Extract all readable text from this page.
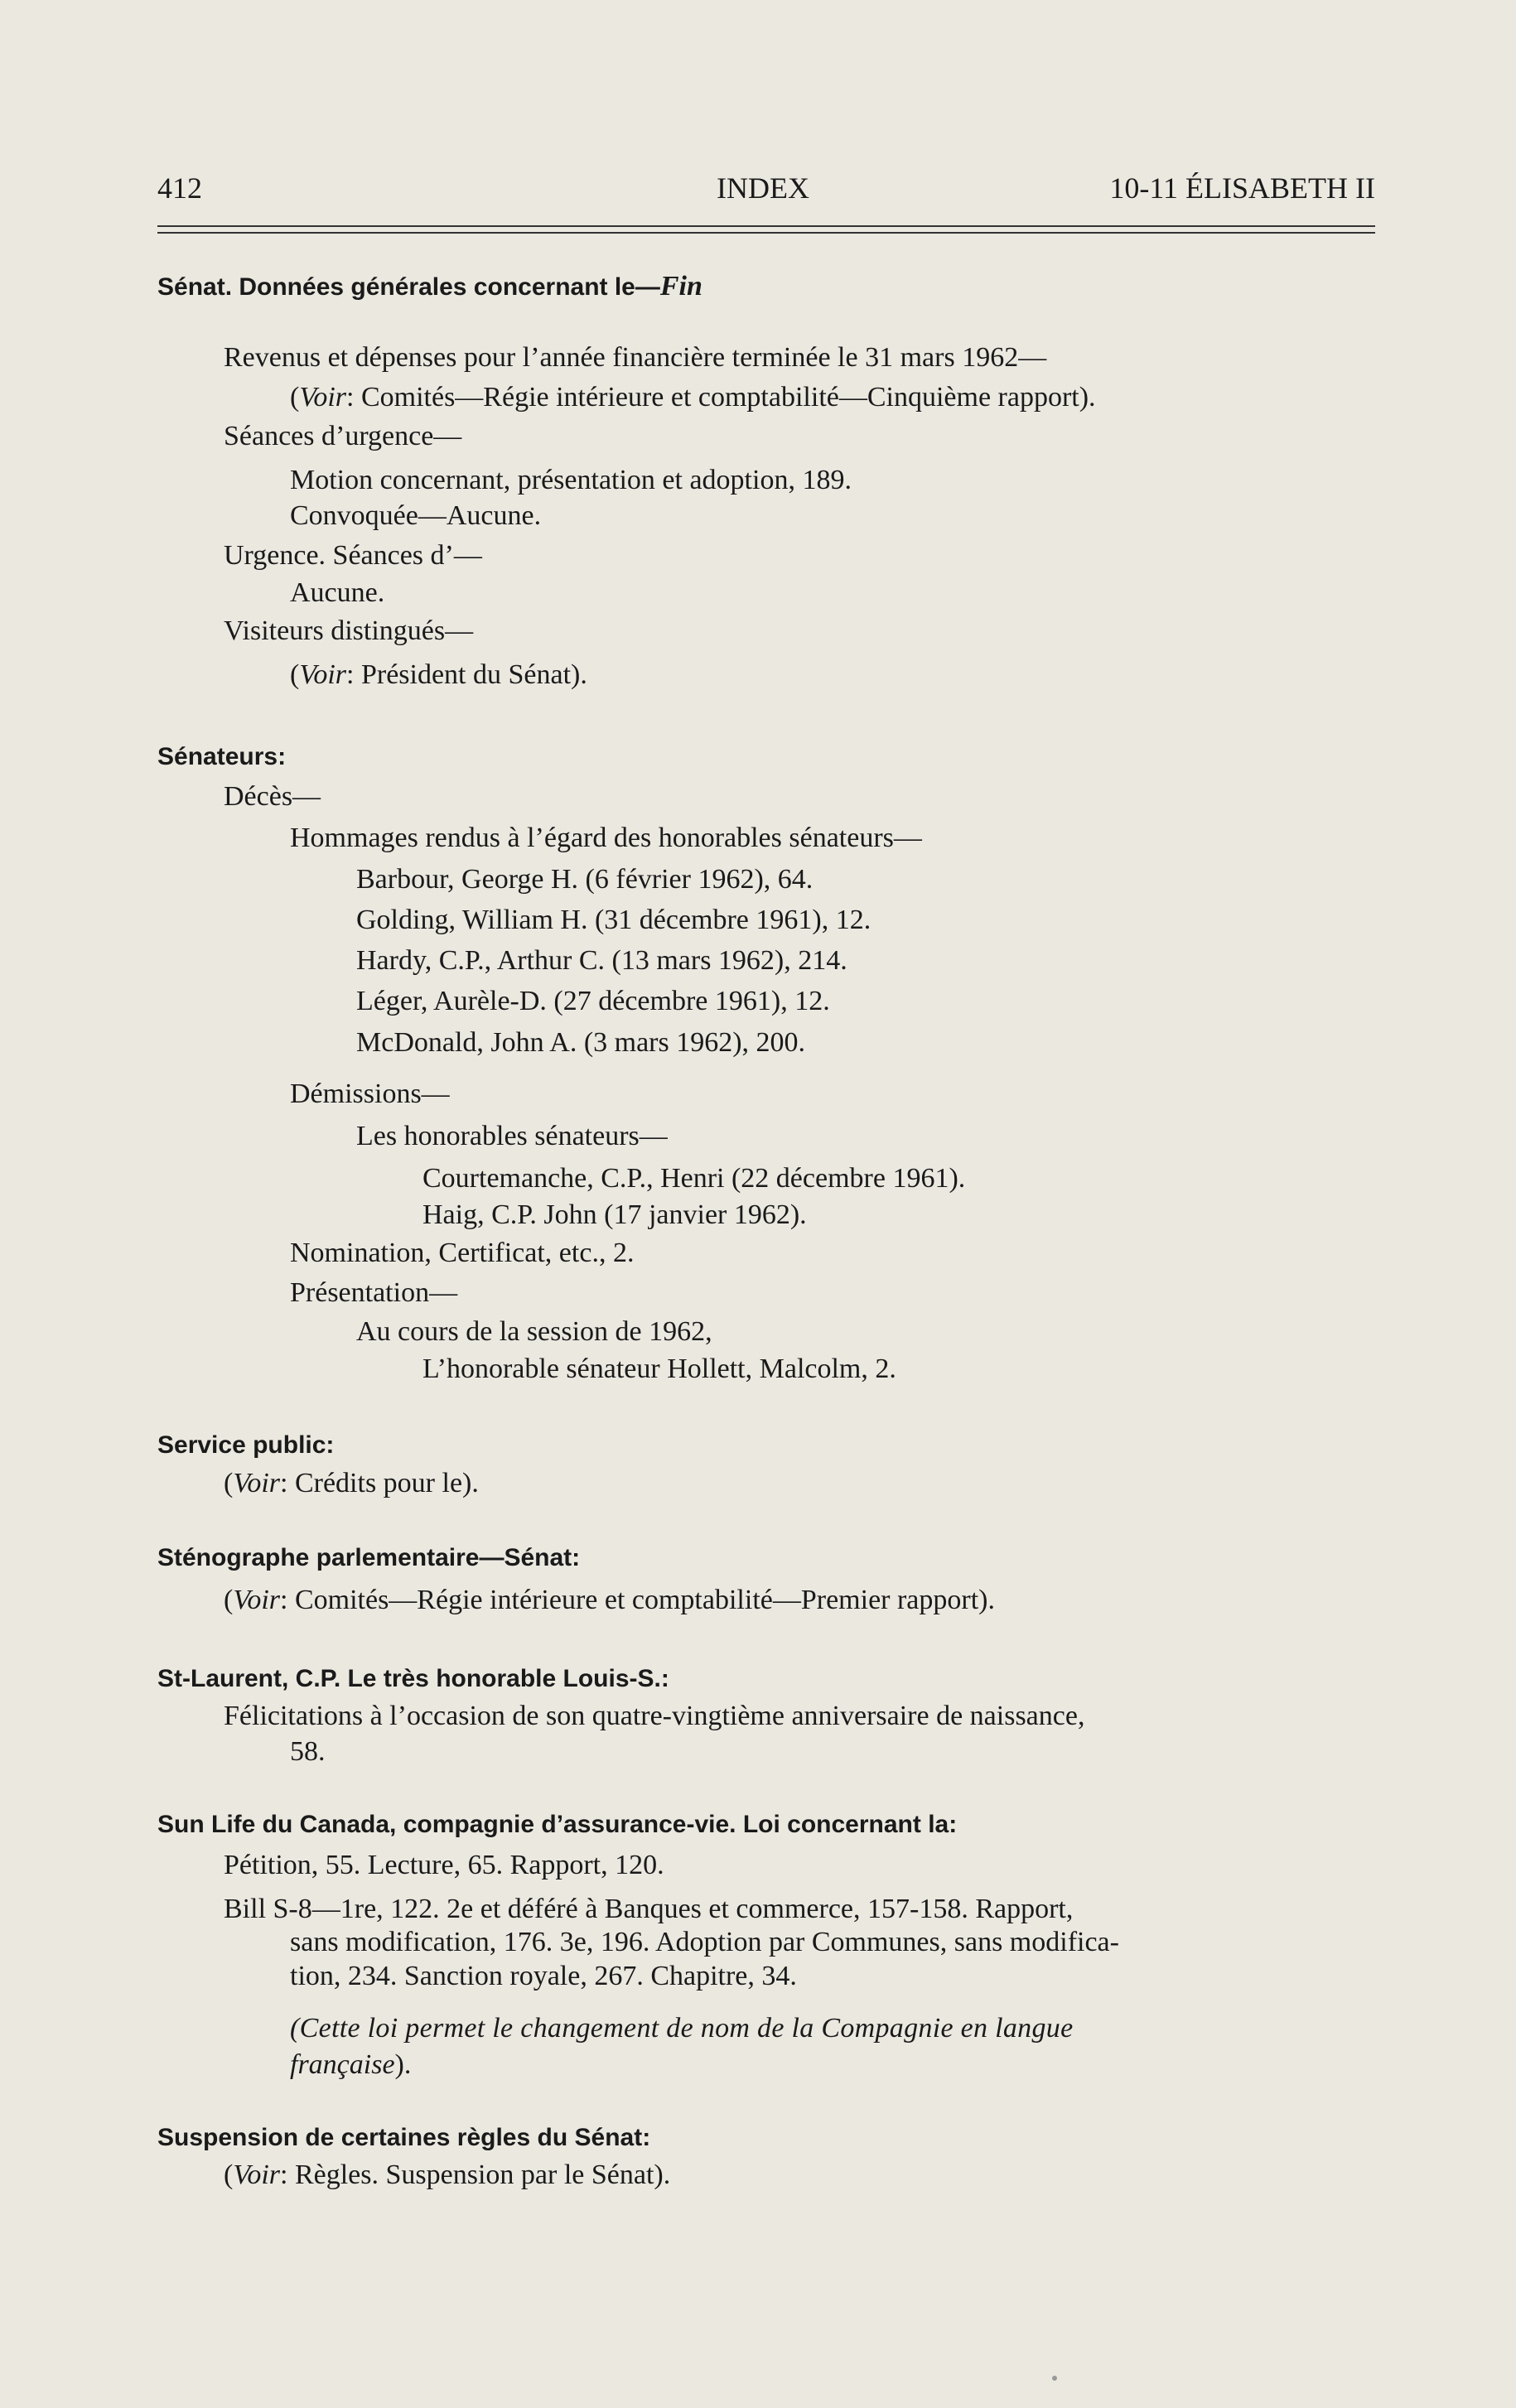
412	INDEX	10-11 ÉLISABETH II
Sénat. Données générales concernant le—Fin
Revenus et dépenses pour l’année financière terminée le 31 mars 1962—
(Voir: Comités—Régie intérieure et comptabilité—Cinquième rapport).
Séances d’urgence—
Motion concernant, présentation et adoption, 189.
Convoquée—Aucune.
Urgence. Séances d’—
Aucune.
Visiteurs distingués—
(Voir: Président du Sénat).
Sénateurs:
Décès—
Hommages rendus à l’égard des honorables sénateurs—
Barbour, George H. (6 février 1962), 64.
Golding, William H. (31 décembre 1961), 12.
Hardy, C.P., Arthur C. (13 mars 1962), 214.
Léger, Aurèle-D. (27 décembre 1961), 12.
McDonald, John A. (3 mars 1962), 200.
Démissions—
Les honorables sénateurs—
Courtemanche, C.P., Henri (22 décembre 1961).
Haig, C.P. John (17 janvier 1962).
Nomination, Certificat, etc., 2.
Présentation—
Au cours de la session de 1962,
L’honorable sénateur Hollett, Malcolm, 2.
Service public:
(Voir: Crédits pour le).
Sténographe parlementaire—Sénat:
(Voir: Comités—Régie intérieure et comptabilité—Premier rapport).
St-Laurent, C.P. Le très honorable Louis-S.:
Félicitations à l’occasion de son quatre-vingtième anniversaire de naissance,
58.
Sun Life du Canada, compagnie d’assurance-vie. Loi concernant la:
Pétition, 55. Lecture, 65. Rapport, 120.
Bill S-8—1re, 122. 2e et déféré à Banques et commerce, 157-158. Rapport,
sans modification, 176. 3e, 196. Adoption par Communes, sans modifica-
tion, 234. Sanction royale, 267. Chapitre, 34.
(Cette loi permet le changement de nom de la Compagnie en langue
française).
Suspension de certaines règles du Sénat:
(Voir: Règles. Suspension par le Sénat).
